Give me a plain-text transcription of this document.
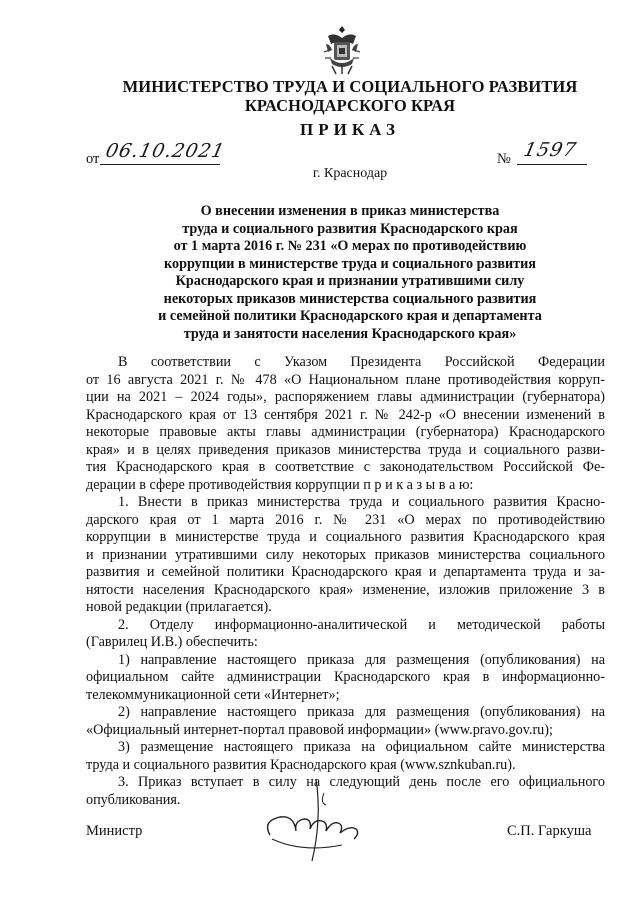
МИНИСТЕРСТВО ТРУДА И СОЦИАЛЬНОГО РАЗВИТИЯ
КРАСНОДАРСКОГО КРАЯ
ПРИКАЗ
от 06.10.2021	№ 1597
г. Краснодар
О внесении изменения в приказ министерства
труда и социального развития Краснодарского края
от 1 марта 2016 г. № 231 «О мерах по противодействию
коррупции в министерстве труда и социального развития
Краснодарского края и признании утратившими силу
некоторых приказов министерства социального развития
и семейной политики Краснодарского края и департамента
труда и занятости населения Краснодарского края»
В соответствии с Указом Президента Российской Федерации
от 16 августа 2021 г. № 478 «О Национальном плане противодействия корруп-
ции на 2021 – 2024 годы», распоряжением главы администрации (губернатора)
Краснодарского края от 13 сентября 2021 г. № 242-р «О внесении изменений в
некоторые правовые акты главы администрации (губернатора) Краснодарского
края» и в целях приведения приказов министерства труда и социального разви-
тия Краснодарского края в соответствие с законодательством Российской Фе-
дерации в сфере противодействия коррупции п р и к а з ы в а ю:
1. Внести в приказ министерства труда и социального развития Красно-
дарского края от 1 марта 2016 г. № 231 «О мерах по противодействию
коррупции в министерстве труда и социального развития Краснодарского края
и признании утратившими силу некоторых приказов министерства социального
развития и семейной политики Краснодарского края и департамента труда и за-
нятости населения Краснодарского края» изменение, изложив приложение 3 в
новой редакции (прилагается).
2. Отделу информационно-аналитической и методической работы
(Гаврилец И.В.) обеспечить:
1) направление настоящего приказа для размещения (опубликования) на
официальном сайте администрации Краснодарского края в информационно-
телекоммуникационной сети «Интернет»;
2) направление настоящего приказа для размещения (опубликования) на
«Официальный интернет-портал правовой информации» (www.pravo.gov.ru);
3) размещение настоящего приказа на официальном сайте министерства
труда и социального развития Краснодарского края (www.sznkuban.ru).
3. Приказ вступает в силу на следующий день после его официального
опубликования.
Министр	С.П. Гаркуша
